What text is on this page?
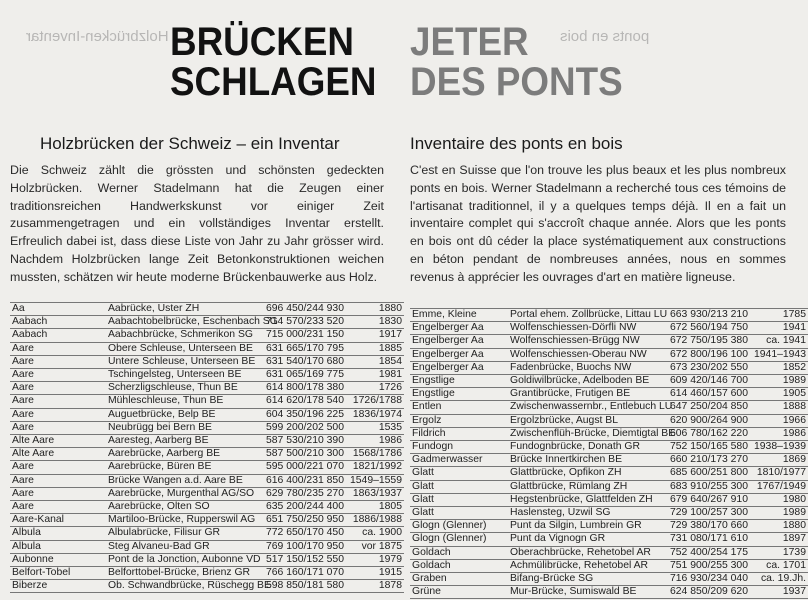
Holzbrücken-Inventar	ponts en bois
BRÜCKEN
SCHLAGEN
JETER
DES PONTS
Holzbrücken der Schweiz – ein Inventar	Inventaire des ponts en bois
Die Schweiz zählt die grössten und schönsten gedeckten Holzbrücken. Werner Stadelmann hat die Zeugen einer traditionsreichen Handwerkskunst vor einiger Zeit zusammengetragen und ein vollständiges Inventar erstellt. Erfreulich dabei ist, dass diese Liste von Jahr zu Jahr grösser wird. Nachdem Holzbrücken lange Zeit Betonkonstruktionen weichen mussten, schätzen wir heute moderne Brückenbauwerke aus Holz.
C'est en Suisse que l'on trouve les plus beaux et les plus nombreux ponts en bois. Werner Stadelmann a recherché tous ces témoins de l'artisanat traditionnel, il y a quelques temps déjà. Il en a fait un inventaire complet qui s'accroît chaque année. Alors que les ponts en bois ont dû céder la place systématiquement aux constructions en béton pendant de nombreuses années, nous en sommes revenus à apprécier les ouvrages d'art en matière ligneuse.
Aa	Aabrücke, Uster ZH	696 450/244 930	1880
Aabach	Aabachtobelbrücke, Eschenbach SG	714 570/233 520	1830
Aabach	Aabachbrücke, Schmerikon SG	715 000/231 150	1917
Aare	Obere Schleuse, Unterseen BE	631 665/170 795	1885
Aare	Untere Schleuse, Unterseen BE	631 540/170 680	1854
Aare	Tschingelsteg, Unterseen BE	631 065/169 775	1981
Aare	Scherzligschleuse, Thun BE	614 800/178 380	1726
Aare	Mühleschleuse, Thun BE	614 620/178 540	1726/1788
Aare	Auguetbrücke, Belp BE	604 350/196 225	1836/1974
Aare	Neubrügg bei Bern BE	599 200/202 500	1535
Alte Aare	Aaresteg, Aarberg BE	587 530/210 390	1986
Alte Aare	Aarebrücke, Aarberg BE	587 500/210 300	1568/1786
Aare	Aarebrücke, Büren BE	595 000/221 070	1821/1992
Aare	Brücke Wangen a.d. Aare BE	616 400/231 850	1549–1559
Aare	Aarebrücke, Murgenthal AG/SO	629 780/235 270	1863/1937
Aare	Aarebrücke, Olten SO	635 200/244 400	1805
Aare-Kanal	Martiloo-Brücke, Rupperswil AG	651 750/250 950	1886/1988
Albula	Albulabrücke, Filisur GR	772 650/170 450	ca. 1900
Albula	Steg Alvaneu-Bad GR	769 100/170 950	vor 1875
Aubonne	Pont de la Jonction, Aubonne VD	517 150/152 550	1979
Belfort-Tobel	Belforttobel-Brücke, Brienz GR	766 160/171 070	1915
Biberze	Ob. Schwandbrücke, Rüschegg BE	598 850/181 580	1878
Emme, Kleine	Portal ehem. Zollbrücke, Littau LU	663 930/213 210	1785
Engelberger Aa	Wolfenschiessen-Dörfli NW	672 560/194 750	1941
Engelberger Aa	Wolfenschiessen-Brügg NW	672 750/195 380	ca. 1941
Engelberger Aa	Wolfenschiessen-Oberau NW	672 800/196 100	1941–1943
Engelberger Aa	Fadenbrücke, Buochs NW	673 230/202 550	1852
Engstlige	Goldiwilbrücke, Adelboden BE	609 420/146 700	1989
Engstlige	Grantibrücke, Frutigen BE	614 460/157 600	1905
Entlen	Zwischenwassernbr., Entlebuch LU	647 250/204 850	1888
Ergolz	Ergolzbrücke, Augst BL	620 900/264 900	1966
Fildrich	Zwischenflüh-Brücke, Diemtigtal BE	606 780/162 220	1986
Fundogn	Fundognbrücke, Donath GR	752 150/165 580	1938–1939
Gadmerwasser	Brücke Innertkirchen BE	660 210/173 270	1869
Glatt	Glattbrücke, Opfikon ZH	685 600/251 800	1810/1977
Glatt	Glattbrücke, Rümlang ZH	683 910/255 300	1767/1949
Glatt	Hegstenbrücke, Glattfelden ZH	679 640/267 910	1980
Glatt	Haslensteg, Uzwil SG	729 100/257 300	1989
Glogn (Glenner)	Punt da Silgin, Lumbrein GR	729 380/170 660	1880
Glogn (Glenner)	Punt da Vignogn GR	731 080/171 610	1897
Goldach	Oberachbrücke, Rehetobel AR	752 400/254 175	1739
Goldach	Achmülibrücke, Rehetobel AR	751 900/255 300	ca. 1701
Graben	Bifang-Brücke SG	716 930/234 040	ca. 19.Jh.
Grüne	Mur-Brücke, Sumiswald BE	624 850/209 620	1937
